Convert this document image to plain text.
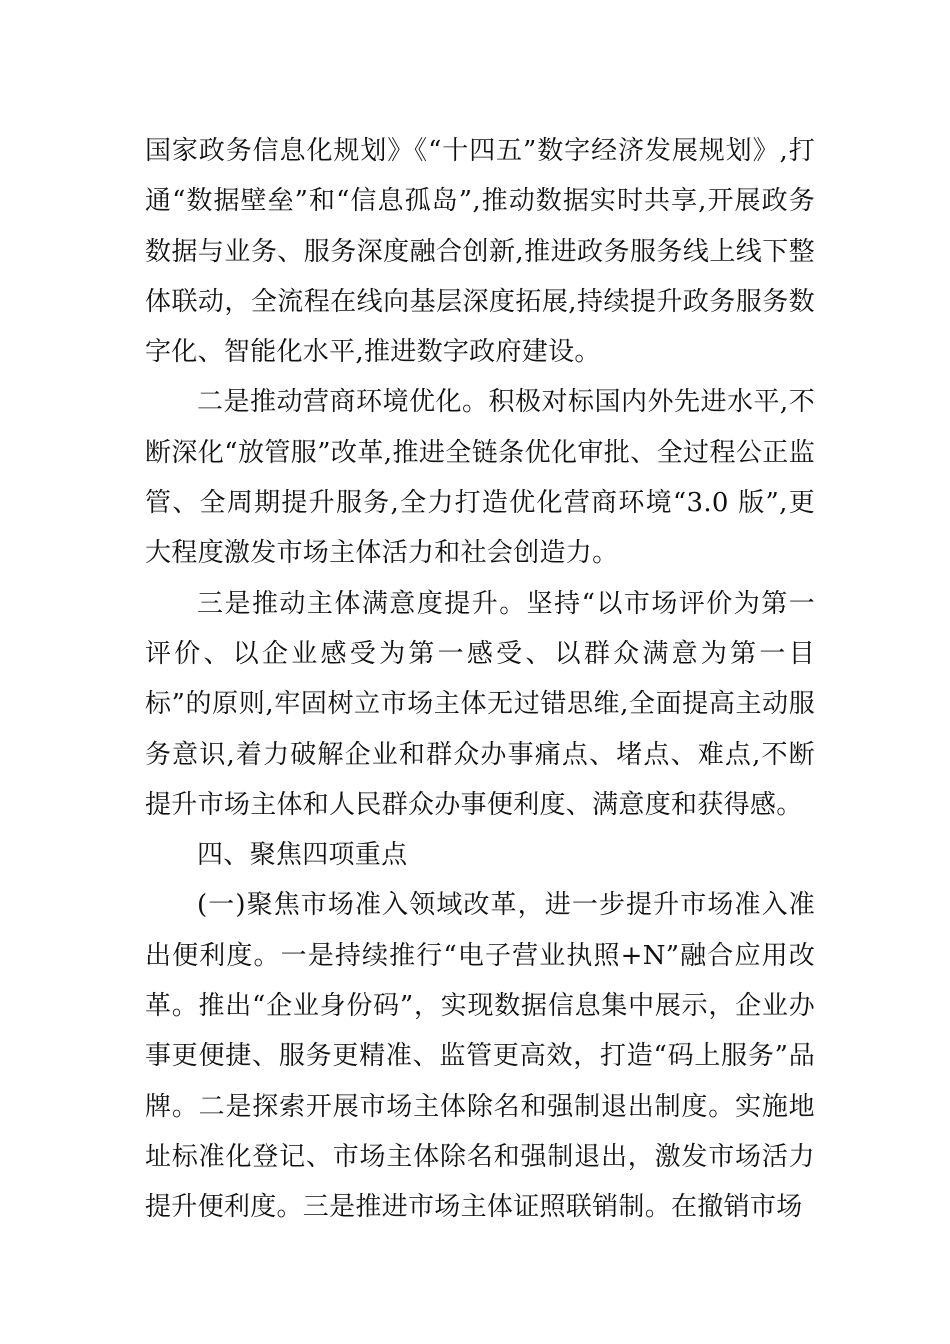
国家政务信息化规划》《“十四五”数字经济发展规划》,打通“数据壁垒”和“信息孤岛”,推动数据实时共享,开展政务数据与业务、服务深度融合创新,推进政务服务线上线下整体联动，全流程在线向基层深度拓展,持续提升政务服务数字化、智能化水平,推进数字政府建设。

二是推动营商环境优化。积极对标国内外先进水平,不断深化“放管服”改革,推进全链条优化审批、全过程公正监管、全周期提升服务,全力打造优化营商环境“3.0 版”,更大程度激发市场主体活力和社会创造力。

三是推动主体满意度提升。坚持“以市场评价为第一评价、以企业感受为第一感受、以群众满意为第一目标”的原则,牢固树立市场主体无过错思维,全面提高主动服务意识,着力破解企业和群众办事痛点、堵点、难点,不断提升市场主体和人民群众办事便利度、满意度和获得感。

四、聚焦四项重点

(一)聚焦市场准入领域改革，进一步提升市场准入准出便利度。一是持续推行“电子营业执照+N”融合应用改革。推出“企业身份码”，实现数据信息集中展示，企业办事更便捷、服务更精准、监管更高效，打造“码上服务”品牌。二是探索开展市场主体除名和强制退出制度。实施地址标准化登记、市场主体除名和强制退出，激发市场活力提升便利度。三是推进市场主体证照联销制。在撤销市场
